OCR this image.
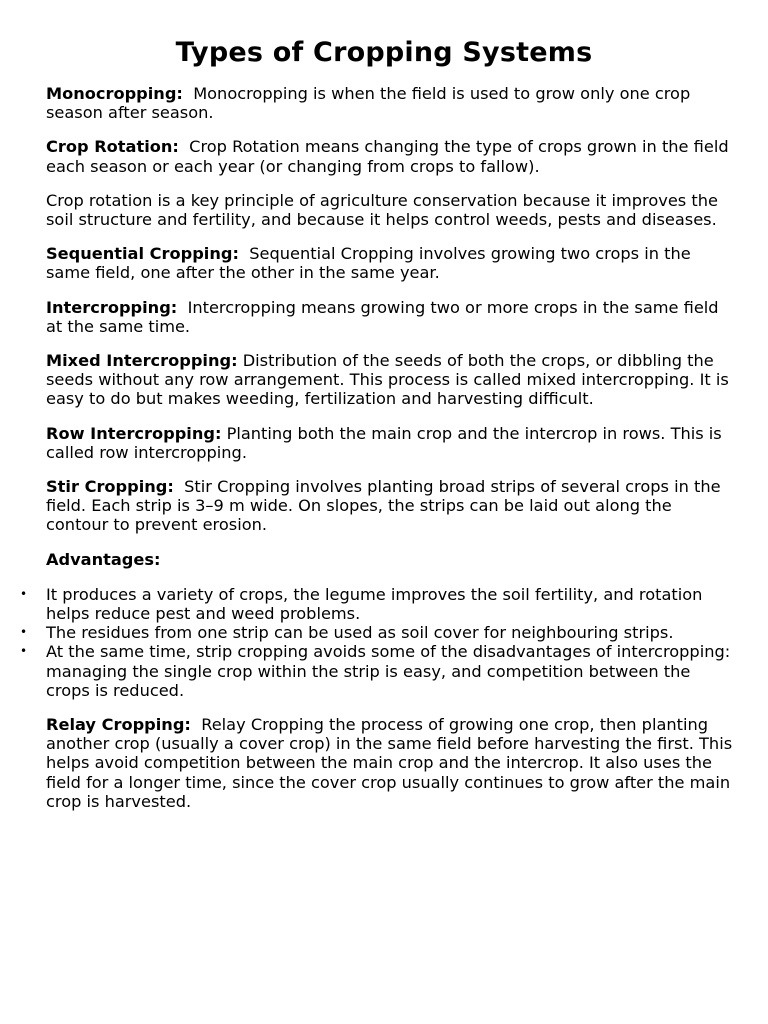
Types of Cropping Systems

Monocropping: Monocropping is when the field is used to grow only one crop season after season.

Crop Rotation: Crop Rotation means changing the type of crops grown in the field each season or each year (or changing from crops to fallow).

Crop rotation is a key principle of agriculture conservation because it improves the soil structure and fertility, and because it helps control weeds, pests and diseases.

Sequential Cropping: Sequential Cropping involves growing two crops in the same field, one after the other in the same year.

Intercropping: Intercropping means growing two or more crops in the same field at the same time.

Mixed Intercropping: Distribution of the seeds of both the crops, or dibbling the seeds without any row arrangement. This process is called mixed intercropping. It is easy to do but makes weeding, fertilization and harvesting difficult.

Row Intercropping: Planting both the main crop and the intercrop in rows. This is called row intercropping.

Stir Cropping: Stir Cropping involves planting broad strips of several crops in the field. Each strip is 3–9 m wide. On slopes, the strips can be laid out along the contour to prevent erosion.

Advantages:

• It produces a variety of crops, the legume improves the soil fertility, and rotation helps reduce pest and weed problems.
• The residues from one strip can be used as soil cover for neighbouring strips.
• At the same time, strip cropping avoids some of the disadvantages of intercropping: managing the single crop within the strip is easy, and competition between the crops is reduced.

Relay Cropping: Relay Cropping the process of growing one crop, then planting another crop (usually a cover crop) in the same field before harvesting the first. This helps avoid competition between the main crop and the intercrop. It also uses the field for a longer time, since the cover crop usually continues to grow after the main crop is harvested.
